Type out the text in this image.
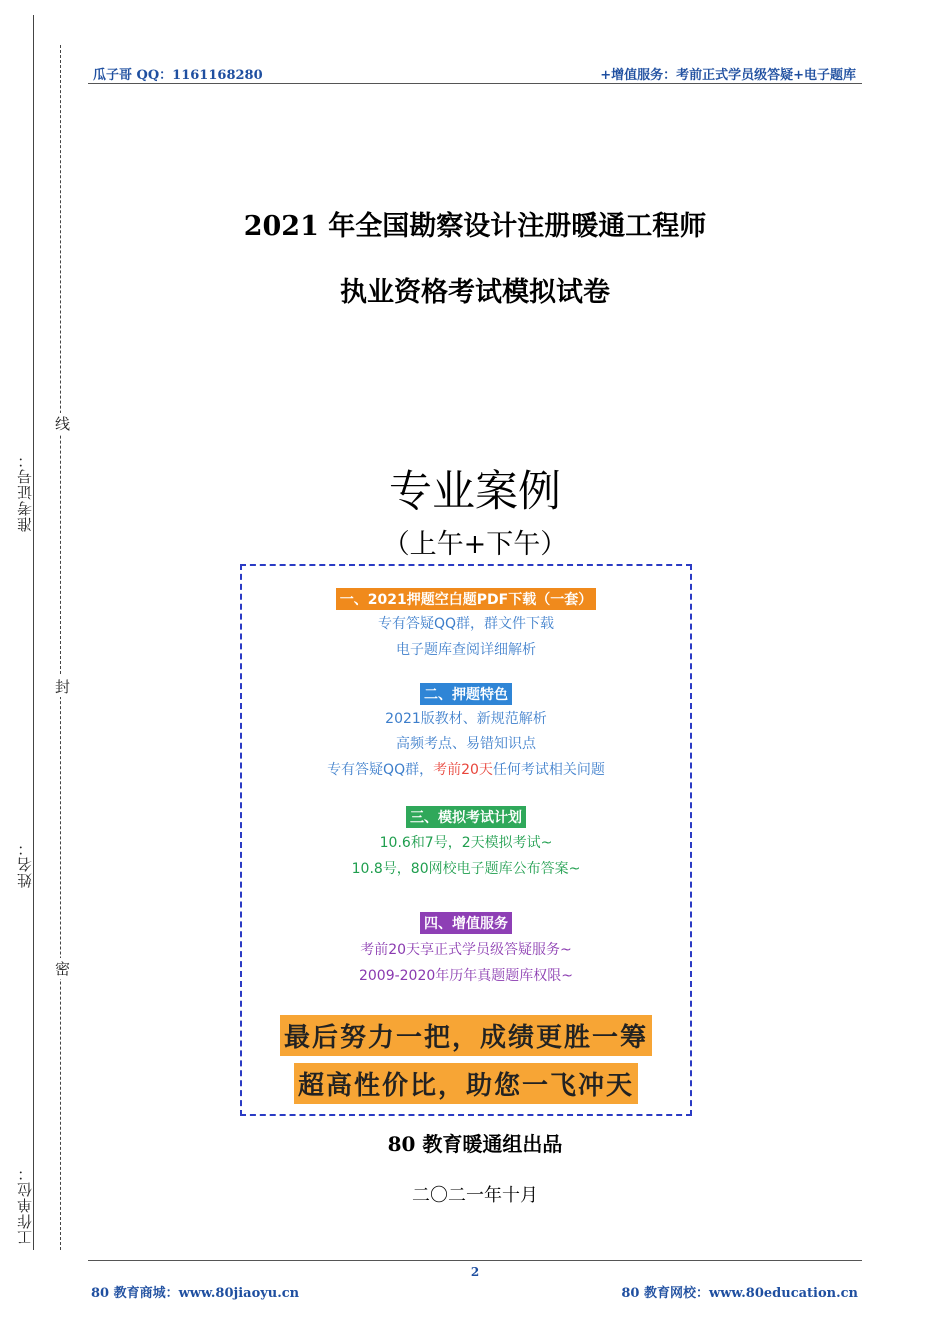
准考证号：
姓名：
工作单位：
线
封
密
瓜子哥 QQ：1161168280	+增值服务：考前正式学员级答疑+电子题库
2021 年全国勘察设计注册暖通工程师
执业资格考试模拟试卷
专业案例
（上午+下午）
一、2021押题空白题PDF下载（一套）
专有答疑QQ群，群文件下载
电子题库查阅详细解析
二、押题特色
2021版教材、新规范解析
高频考点、易错知识点
专有答疑QQ群，考前20天任何考试相关问题
三、模拟考试计划
10.6和7号，2天模拟考试~
10.8号，80网校电子题库公布答案~
四、增值服务
考前20天享正式学员级答疑服务~
2009-2020年历年真题题库权限~
最后努力一把，成绩更胜一筹
超高性价比，助您一飞冲天
80 教育暖通组出品
二〇二一年十月
2
80 教育商城：www.80jiaoyu.cn	80 教育网校：www.80education.cn
